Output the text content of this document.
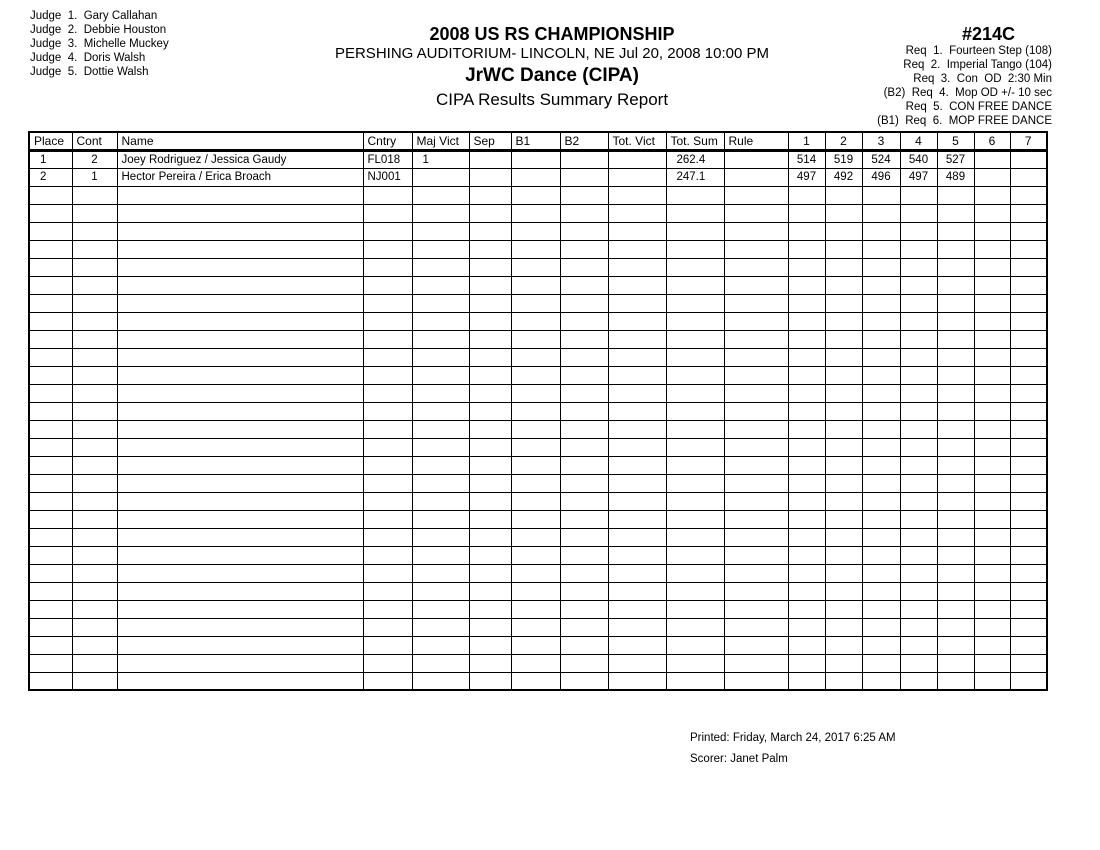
Judge  1.  Gary Callahan
Judge  2.  Debbie Houston
Judge  3.  Michelle Muckey
Judge  4.  Doris Walsh
Judge  5.  Dottie Walsh
2008 US RS CHAMPIONSHIP
PERSHING AUDITORIUM- LINCOLN, NE Jul 20, 2008 10:00 PM
JrWC Dance (CIPA)
CIPA Results Summary Report
#214C
Req  1.  Fourteen Step (108)
Req  2.  Imperial Tango (104)
Req  3.  Con  OD  2:30 Min
(B2)  Req  4.  Mop OD +/- 10 sec
Req  5.  CON FREE DANCE
(B1)  Req  6.  MOP FREE DANCE
Place	Cont	Name	Cntry	Maj Vict	Sep	B1	B2	Tot. Vict	Tot. Sum	Rule	1	2	3	4	5	6	7
1	2	Joey Rodriguez / Jessica Gaudy	FL018	1					262.4		514	519	524	540	527		
2	1	Hector Pereira / Erica Broach	NJ001						247.1		497	492	496	497	489		

Printed: Friday, March 24, 2017 6:25 AM
Scorer: Janet Palm
